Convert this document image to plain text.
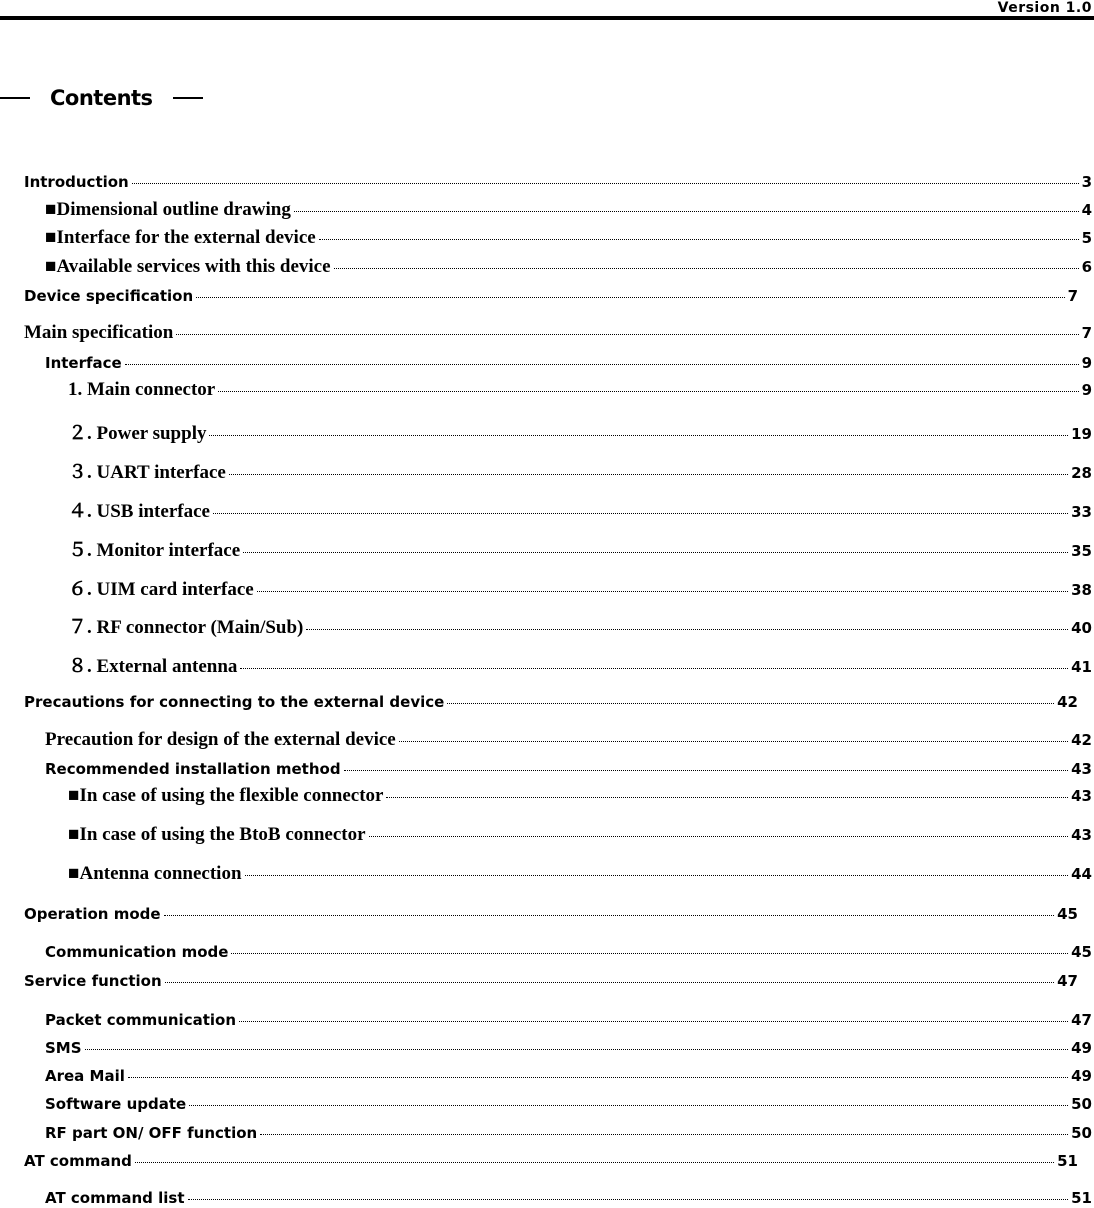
Version 1.0
Contents
Introduction	3
■Dimensional outline drawing	4
■Interface for the external device	5
■Available services with this device	6
Device specification	7
Main specification	7
Interface	9
1. Main connector	9
２. Power supply	19
３. UART interface	28
４. USB interface	33
５. Monitor interface	35
６. UIM card interface	38
７. RF connector (Main/Sub)	40
８. External antenna	41
Precautions for connecting to the external device	42
Precaution for design of the external device	42
Recommended installation method	43
■In case of using the flexible connector	43
■In case of using the BtoB connector	43
■Antenna connection	44
Operation mode	45
Communication mode	45
Service function	47
Packet communication	47
SMS	49
Area Mail	49
Software update	50
RF part ON/ OFF function	50
AT command	51
AT command list	51
